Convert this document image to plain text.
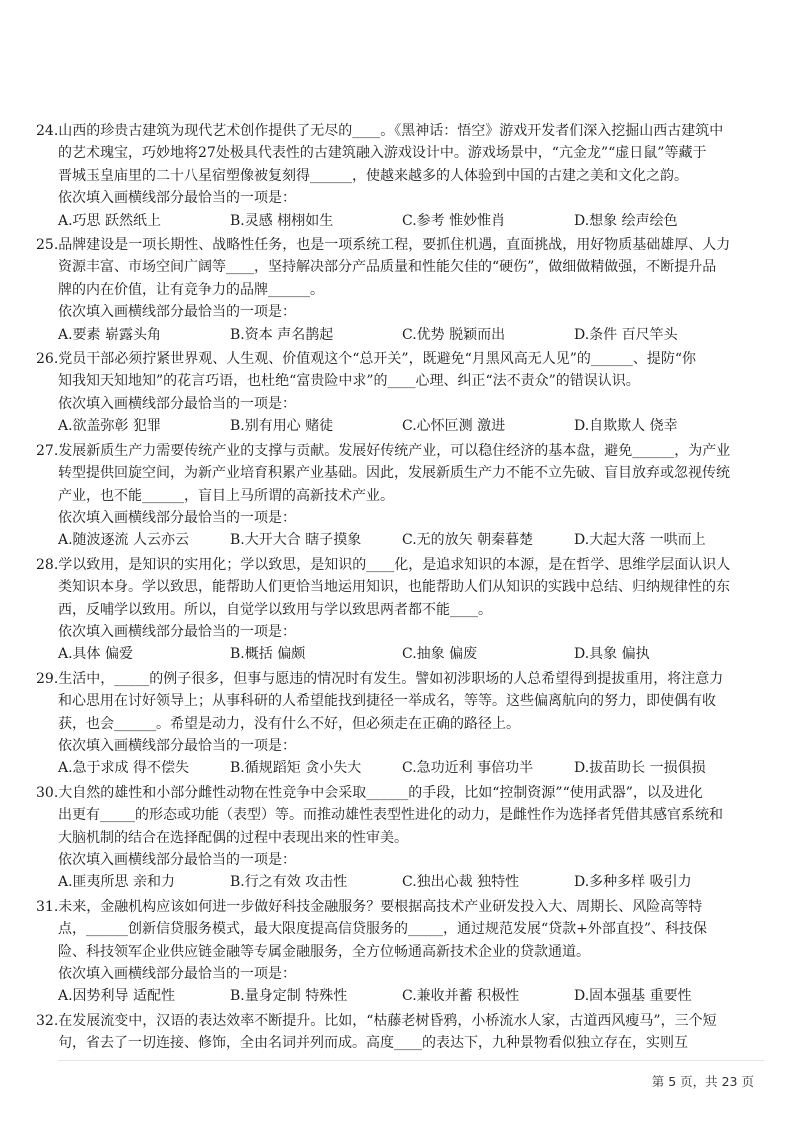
24.山西的珍贵古建筑为现代艺术创作提供了无尽的____。《黑神话：悟空》游戏开发者们深入挖掘山西古建筑中
的艺术瑰宝，巧妙地将27处极具代表性的古建筑融入游戏设计中。游戏场景中，“亢金龙”“虚日鼠”等藏于
晋城玉皇庙里的二十八星宿塑像被复刻得______，使越来越多的人体验到中国的古建之美和文化之韵。
依次填入画横线部分最恰当的一项是：
A.巧思 跃然纸上	B.灵感 栩栩如生	C.参考 惟妙惟肖	D.想象 绘声绘色
25.品牌建设是一项长期性、战略性任务，也是一项系统工程，要抓住机遇，直面挑战，用好物质基础雄厚、人力
资源丰富、市场空间广阔等____，坚持解决部分产品质量和性能欠佳的“硬伤”，做细做精做强，不断提升品
牌的内在价值，让有竞争力的品牌______。
依次填入画横线部分最恰当的一项是：
A.要素 崭露头角	B.资本 声名鹊起	C.优势 脱颖而出	D.条件 百尺竿头
26.党员干部必须拧紧世界观、人生观、价值观这个“总开关”，既避免“月黑风高无人见”的______、提防“你
知我知天知地知”的花言巧语，也杜绝“富贵险中求”的____心理、纠正“法不责众”的错误认识。
依次填入画横线部分最恰当的一项是：
A.欲盖弥彰 犯罪	B.别有用心 赌徒	C.心怀叵测 激进	D.自欺欺人 侥幸
27.发展新质生产力需要传统产业的支撑与贡献。发展好传统产业，可以稳住经济的基本盘，避免______，为产业
转型提供回旋空间，为新产业培育积累产业基础。因此，发展新质生产力不能不立先破、盲目放弃或忽视传统
产业，也不能______，盲目上马所谓的高新技术产业。
依次填入画横线部分最恰当的一项是：
A.随波逐流 人云亦云	B.大开大合 瞎子摸象	C.无的放矢 朝秦暮楚	D.大起大落 一哄而上
28.学以致用，是知识的实用化；学以致思，是知识的____化，是追求知识的本源，是在哲学、思维学层面认识人
类知识本身。学以致思，能帮助人们更恰当地运用知识，也能帮助人们从知识的实践中总结、归纳规律性的东
西，反哺学以致用。所以，自觉学以致用与学以致思两者都不能____。
依次填入画横线部分最恰当的一项是：
A.具体 偏爱	B.概括 偏颇	C.抽象 偏废	D.具象 偏执
29.生活中，_____的例子很多，但事与愿违的情况时有发生。譬如初涉职场的人总希望得到提拔重用，将注意力
和心思用在讨好领导上；从事科研的人希望能找到捷径一举成名，等等。这些偏离航向的努力，即使偶有收
获，也会______。希望是动力，没有什么不好，但必须走在正确的路径上。
依次填入画横线部分最恰当的一项是：
A.急于求成 得不偿失	B.循规蹈矩 贪小失大	C.急功近利 事倍功半	D.拔苗助长 一损俱损
30.大自然的雄性和小部分雌性动物在性竞争中会采取______的手段，比如“控制资源”“使用武器”，以及进化
出更有_____的形态或功能（表型）等。而推动雄性表型性进化的动力，是雌性作为选择者凭借其感官系统和
大脑机制的结合在选择配偶的过程中表现出来的性审美。
依次填入画横线部分最恰当的一项是：
A.匪夷所思 亲和力	B.行之有效 攻击性	C.独出心裁 独特性	D.多种多样 吸引力
31.未来，金融机构应该如何进一步做好科技金融服务？要根据高技术产业研发投入大、周期长、风险高等特
点，______创新信贷服务模式，最大限度提高信贷服务的_____，通过规范发展“贷款+外部直投”、科技保
险、科技领军企业供应链金融等专属金融服务，全方位畅通高新技术企业的贷款通道。
依次填入画横线部分最恰当的一项是：
A.因势利导 适配性	B.量身定制 特殊性	C.兼收并蓄 积极性	D.固本强基 重要性
32.在发展流变中，汉语的表达效率不断提升。比如，“枯藤老树昏鸦，小桥流水人家，古道西风瘦马”，三个短
句，省去了一切连接、修饰，全由名词并列而成。高度____的表达下，九种景物看似独立存在，实则互
第 5 页，共 23 页
